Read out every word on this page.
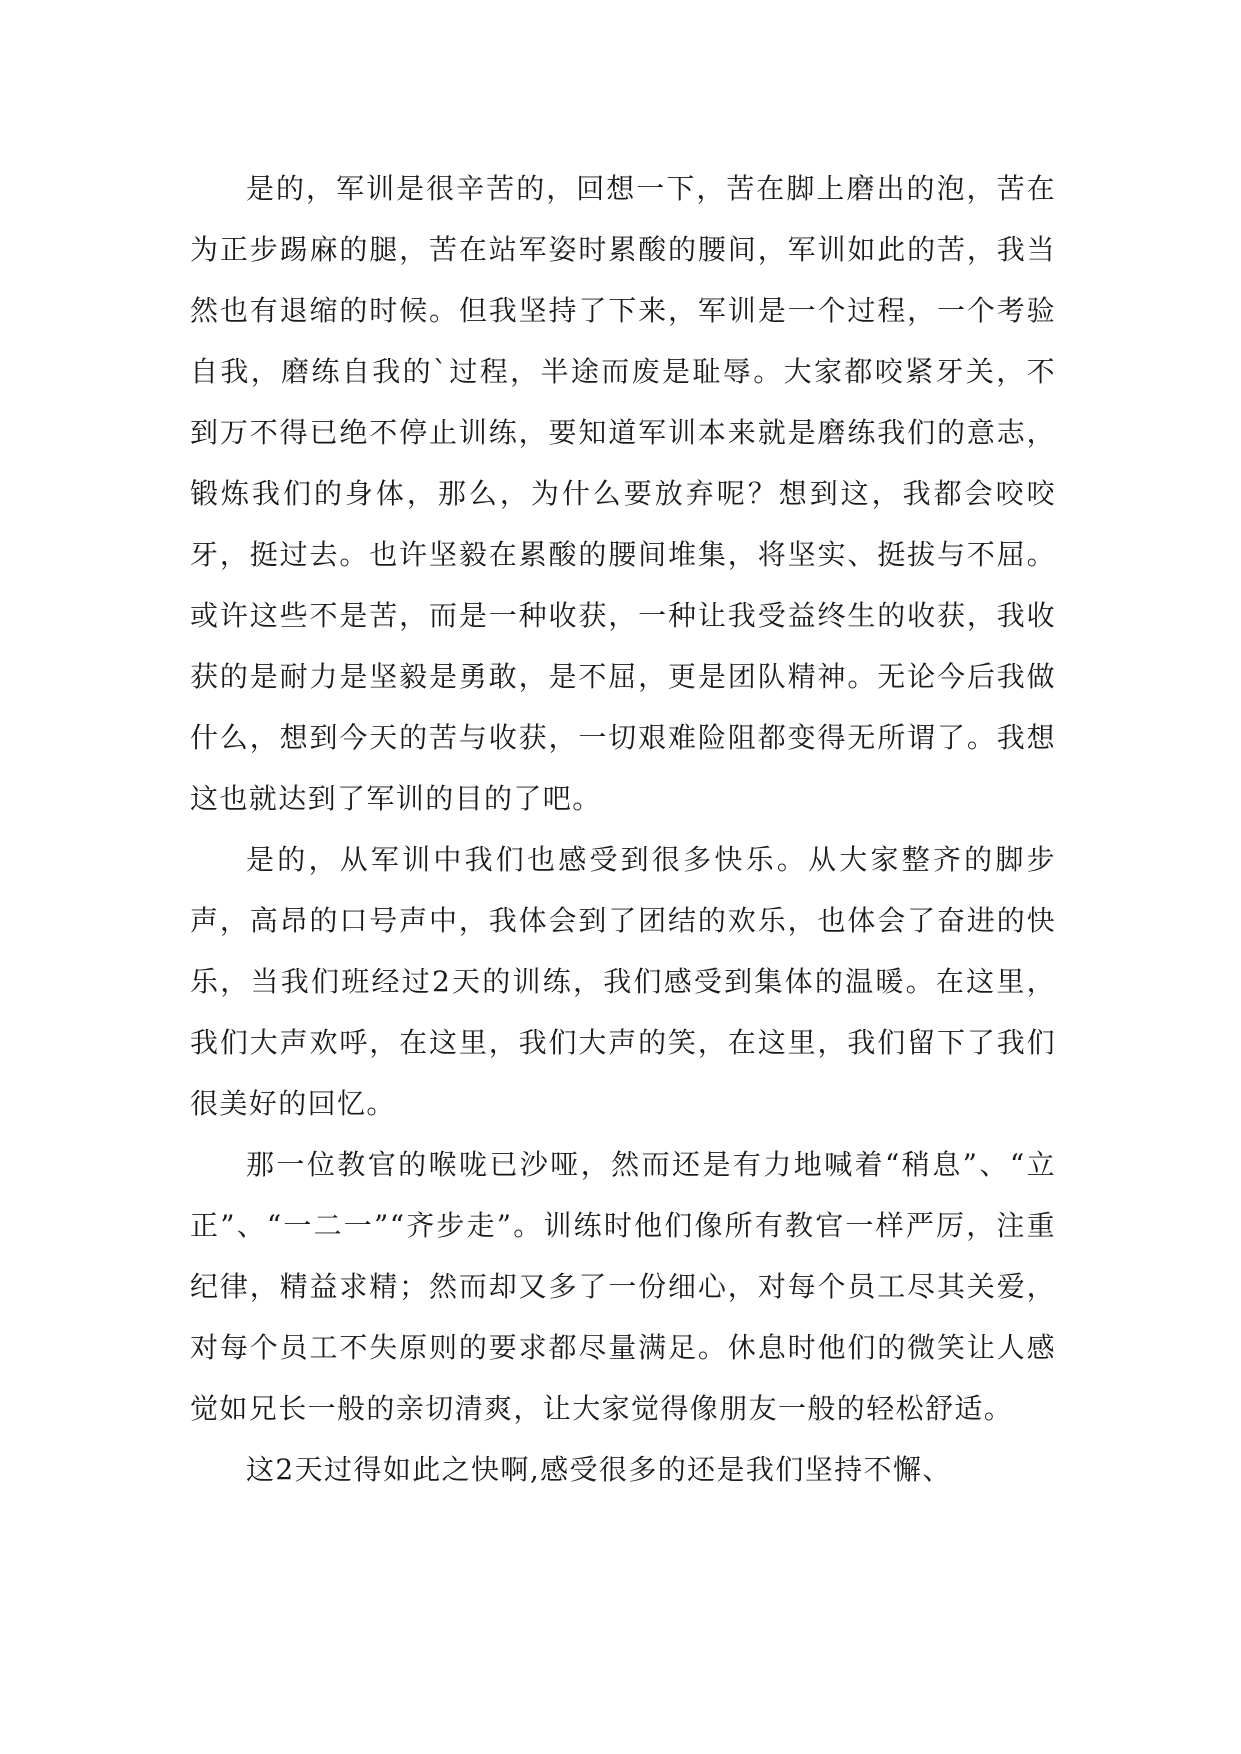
是的，军训是很辛苦的，回想一下，苦在脚上磨出的泡，苦在为正步踢麻的腿，苦在站军姿时累酸的腰间，军训如此的苦，我当然也有退缩的时候。但我坚持了下来，军训是一个过程，一个考验自我，磨练自我的`过程，半途而废是耻辱。大家都咬紧牙关，不到万不得已绝不停止训练，要知道军训本来就是磨练我们的意志，锻炼我们的身体，那么，为什么要放弃呢？想到这，我都会咬咬牙，挺过去。也许坚毅在累酸的腰间堆集，将坚实、挺拔与不屈。或许这些不是苦，而是一种收获，一种让我受益终生的收获，我收获的是耐力是坚毅是勇敢，是不屈，更是团队精神。无论今后我做什么，想到今天的苦与收获，一切艰难险阻都变得无所谓了。我想这也就达到了军训的目的了吧。

是的，从军训中我们也感受到很多快乐。从大家整齐的脚步声，高昂的口号声中，我体会到了团结的欢乐，也体会了奋进的快乐，当我们班经过2天的训练，我们感受到集体的温暖。在这里，我们大声欢呼，在这里，我们大声的笑，在这里，我们留下了我们很美好的回忆。

那一位教官的喉咙已沙哑，然而还是有力地喊着“稍息”、“立正”、“一二一”“齐步走”。训练时他们像所有教官一样严厉，注重纪律，精益求精；然而却又多了一份细心，对每个员工尽其关爱，对每个员工不失原则的要求都尽量满足。休息时他们的微笑让人感觉如兄长一般的亲切清爽，让大家觉得像朋友一般的轻松舒适。

这2天过得如此之快啊,感受很多的还是我们坚持不懈、
